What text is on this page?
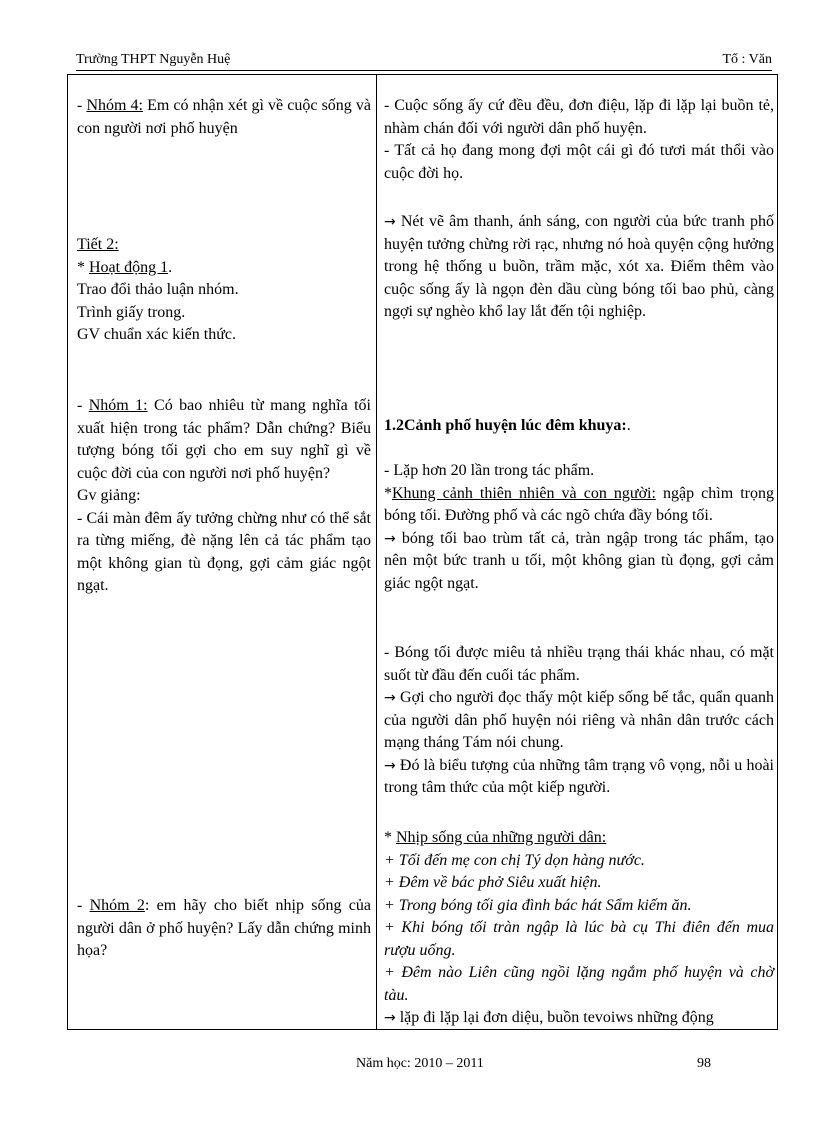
Trường THPT Nguyễn Huệ	Tổ : Văn

- Nhóm 4: Em có nhận xét gì về cuộc sống và con người nơi phố huyện

Tiết 2:

* Hoạt động 1.

Trao đổi thảo luận nhóm.

Trình giấy trong.

GV chuẩn xác kiến thức.

- Nhóm 1: Có bao nhiêu từ mang nghĩa tối xuất hiện trong tác phẩm? Dẫn chứng? Biểu tượng bóng tối gợi cho em suy nghĩ gì về cuộc đời của con người nơi phố huyện?

Gv giảng:

- Cái màn đêm ấy tưởng chừng như có thể sắt ra từng miếng, đè nặng lên cả tác phẩm tạo một không gian tù đọng, gợi cảm giác ngột ngạt.

- Nhóm 2: em hãy cho biết nhịp sống của người dân ở phố huyện? Lấy dẫn chứng minh họa?

- Cuộc sống ấy cứ đều đều, đơn điệu, lặp đi lặp lại buồn tẻ, nhàm chán đối với người dân phố huyện.

- Tất cả họ đang mong đợi một cái gì đó tươi mát thổi vào cuộc đời họ.

→ Nét vẽ âm thanh, ánh sáng, con người của bức tranh phố huyện tưởng chừng rời rạc, nhưng nó hoà quyện cộng hưởng trong hệ thống u buồn, trầm mặc, xót xa. Điểm thêm vào cuộc sống ấy là ngọn đèn dầu cùng bóng tối bao phủ, càng ngợi sự nghèo khổ lay lắt đến tội nghiệp.

1.2Cảnh phố huyện lúc đêm khuya:.

- Lặp hơn 20 lần trong tác phẩm.

*Khung cảnh thiên nhiên và con người: ngập chìm trọng bóng tối. Đường phố và các ngõ chứa đầy bóng tối.

→ bóng tối bao trùm tất cả, tràn ngập trong tác phẩm, tạo nên một bức tranh u tối, một không gian tù đọng, gợi cảm giác ngột ngạt.

- Bóng tối được miêu tả nhiều trạng thái khác nhau, có mặt suốt từ đầu đến cuối tác phẩm.

→ Gợi cho người đọc thấy một kiếp sống bế tắc, quẩn quanh của người dân phố huyện nói riêng và nhân dân trước cách mạng tháng Tám nói chung.

→ Đó là biểu tượng của những tâm trạng vô vọng, nỗi u hoài trong tâm thức của một kiếp người.

* Nhịp sống của những người dân:

+ Tối đến mẹ con chị Tý dọn hàng nước.

+ Đêm về bác phở Siêu xuất hiện.

+ Trong bóng tối gia đình bác hát Sẩm kiếm ăn.

+ Khi bóng tối tràn ngập là lúc bà cụ Thi điên đến mua rượu uống.

+ Đêm nào Liên cũng ngồi lặng ngắm phố huyện và chờ tàu.

→ lặp đi lặp lại đơn diệu, buồn tevoiws những động

Năm học: 2010 – 2011	98
